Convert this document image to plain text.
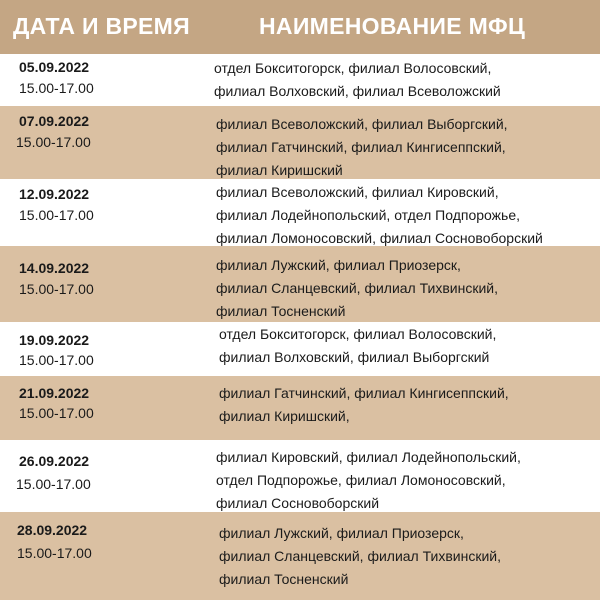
ДАТА И ВРЕМЯ	НАИМЕНОВАНИЕ МФЦ
05.09.2022
15.00-17.00
отдел Бокситогорск, филиал Волосовский,
филиал Волховский, филиал Всеволожский
07.09.2022
15.00-17.00
филиал Всеволожский, филиал Выборгский,
филиал Гатчинский, филиал Кингисеппский,
филиал Киришский
12.09.2022
15.00-17.00
филиал Всеволожский, филиал Кировский,
филиал Лодейнопольский, отдел Подпорожье,
филиал Ломоносовский, филиал Сосновоборский
14.09.2022
15.00-17.00
филиал Лужский, филиал Приозерск,
филиал Сланцевский, филиал Тихвинский,
филиал Тосненский
19.09.2022
15.00-17.00
отдел Бокситогорск, филиал Волосовский,
филиал Волховский, филиал Выборгский
21.09.2022
15.00-17.00
филиал Гатчинский, филиал Кингисеппский,
филиал Киришский,
26.09.2022
15.00-17.00
филиал Кировский, филиал Лодейнопольский,
отдел Подпорожье, филиал Ломоносовский,
филиал Сосновоборский
28.09.2022
15.00-17.00
филиал Лужский, филиал Приозерск,
филиал Сланцевский, филиал Тихвинский,
филиал Тосненский
